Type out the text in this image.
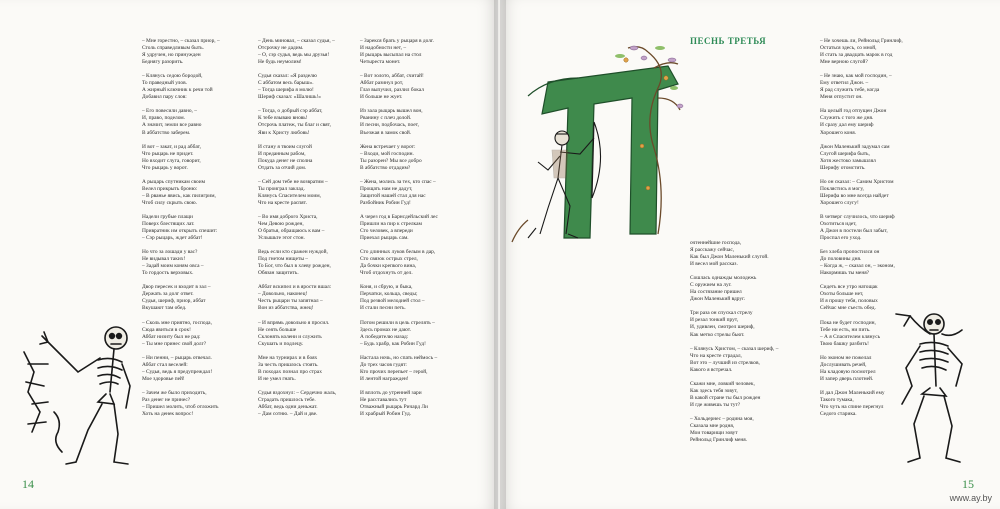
– Мне горестно, – сказал приор, –
Столь справедливым быть.
Я удручен, но принужден
Беднягу разорить.
– Клянусь седою бородой,
То праведный улов.
А жирный ключник к речи той
Добавил пару слов:
– Его повесили давно, –
И, право, поделом.
А значит, земли все равно
В аббатство заберем.
И вот – закат, и рад аббат,
Что рыцарь не придет.
Но входит слуга, говорит,
Что рыцарь у ворот.
А рыцарь спутникам своим
Велел прикрыть броню:
– В рванье явись, как пилигрим,
Чтоб силу скрыть свою.
Надели грубые плащи
Поверх блестящих лат.
Привратник им открыть спешит:
– Сэр рыцарь, ждет аббат!
Но что за лошади у вас?
Не видывал таких!
– Задай моим коням овса –
То гордость верховых.
Двор пересек и входит в зал –
Держать за долг ответ.
Судья, шериф, приор, аббат
Вкушают там обед.
– Сколь мне приятно, господа,
Сюда явиться в срок!
Аббат низиту был не рад:
– Ты мне принес свой долг?
– Ни пенни, – рыцарь отвечал.
Аббат стал веселей:
– Судья, ведь я предупреждал!
Мое здоровье пей!
– Зачем же было приходить,
Раз денег не принес?
– Пришел молить, чтоб отложить
Хоть на денек вопрос!
– День миновал, – сказал судья, –
Отсрочку не дадим.
– О, сэр судья, ведь мы друзья!
Не будь неумолим!
Судья сказал: «Я разделю
С аббатом весь барыш».
– Тогда шерифа я молю!
Шериф сказал: «Шалишь!»
– Тогда, о добрый сэр аббат,
К тебе взываю вновь!
Отсрочь платеж, ты благ и свят,
Яви к Христу любовь!
И стану я твоим слугой
И преданным рабом,
Покуда денег не сполна
Отдать за отчий дом.
– Сей дом тебе не возвратим –
Ты проиграл заклад.
Клянусь Спасителем моим,
Что на кресте распят.
– Во имя доброго Христа,
Чем Девою рожден,
О братья, обращаюсь к вам –
Услышьте этот стон.
Ведь если кто сражен нуждой,
Под гнетом нищеты –
То Бог, что был в хлеву рожден,
Обязан защитить.
Аббат вскипел и в ярости вшал:
– Довольно, наконец!
Честь рыцари ты запятнал –
Вон из аббатства, жнец!
– И впрямь довольно я просил.
Не сеять больше
Склонять колени и служить
Скушать и подлецу.
Мне на турнирах и в боях
За честь пришлось стоять.
В походах познал про страх
И не умел гнать.
Судья вздохнул: – Сердечно жаль,
Страдать пришлось тебе.
Аббат, ведь одни деньжат.
– Дам сотню. – Дай и две.
– Зарекся брать у рыцаря в долг.
И надобности нет, –
И рыцарь высыпал на стол
Четыреста монет.
– Вот золото, аббат, считай!
Аббат разинул рот,
Глаз выпучил, разлил бокал
И больше не жует.
Из зала рыцарь вышел вон,
Рванину с плеч долой.
И песни, подбочась, поет,
Въезжая в замок свой.
Жена встречает у ворот:
– Входи, мой господин.
Ты разорен? Мы все добро
В аббатство отдадим?
– Жена, молись за тех, кто спас –
Прощать нам не дадут,
Защитой нашей стал для нас
Разбойник Робин Гуд!
А через год в Барнсдейльский лес
Пришли на пир к стрелкам
Сто человек, а впереди
Приехал рыцарь сам.
Сто длинных луков белым в дар,
Сто связок острых стрел,
Да бочки крепкого вина,
Чтоб отдохнуть от дел.
Коня, и сбрую, и быка,
Перчатки, кольца, сведы;
Под резвой мелодией стол –
И стали песни петь.
Потом решили в цель стрелять –
Здесь промах не дают.
А победителю назад:
– Будь храбр, как Робин Гуд!
Настала ночь, но спать неймось –
До трех часов гудят:
Кто прочих перепьет – герой,
И лентой награжден!
И вплоть до утренней зари
Не расставались тут
Отважный рыцарь Ричард Ли
И храбрый Робин Гуд.
14
ПЕСНЬ ТРЕТЬЯ
очтеннейшие господа,
Я расскажу сейчас,
Как был Джон Маленький слугой.
И весел мой рассказ.
Сошлась однажды молодежь
С оружием на луг.
На состязание пришел
Джон Маленький вдруг.
Три раза он спускал стрелу
И резал тонкий прут,
И, удивлен, смотрел шериф,
Как метко стрелы бьют.
– Клянусь Христом, – сказал шериф, –
Что на кресте страдал,
Вот это – лучший из стрелков,
Какого я встречал.
Скажи мне, ловкий человек,
Как здесь тебя зовут,
В какой стране ты был рожден
И где живешь ты тут?
– Хольдернес – родина моя,
Сказала мне родня,
Мои товарищи зовут
Рейнольд Гринлиф меня.
– Не хочешь ли, Рейнольд Гринлиф,
Остаться здесь, со мной,
И стать за двадцать марок в год
Мне верною слугой?
– Не знаю, как мой господин, –
Ему ответил Джон. –
Я рад служить тебе, когда
Меня отпустит он.
На целый год отпущен Джон
Служить с того же дня.
И сразу дал ему шериф
Хорошего коня.
Джон Маленький задумал сам
Слугой шерифа быть,
Хотя жестоко замышлял
Шерифу отомстить.
Но он сказал: – Самим Христом
Поклястись я могу,
Шерифа во мне всегда найдет
Хорошего слугу!
В четверг случилось, что шериф
Охотиться идет,
А Джон в постели был забыт,
Проспал его уход.
Без хлеба пропостился он
До половины дня.
– Когда ж, – сказал он, – эконом,
Накормишь ты меня?
Сидеть все утро натощак
Охоты больше нет,
И я прошу тебя, половых
Сейчас мне съесть обед.
Пока не будет господин,
Тебе ни есть, ни пить.
– А я Спасителем клянусь
Твою башку разбить!
Но эконом не пожелал
Дослушивать речей,
На кладовую посмотрел
И запер дверь плотней.
И дал Джон Маленький ему
Такого тумака,
Что чуть на спине перегнул
Седого старика.
15
www.ay.by
